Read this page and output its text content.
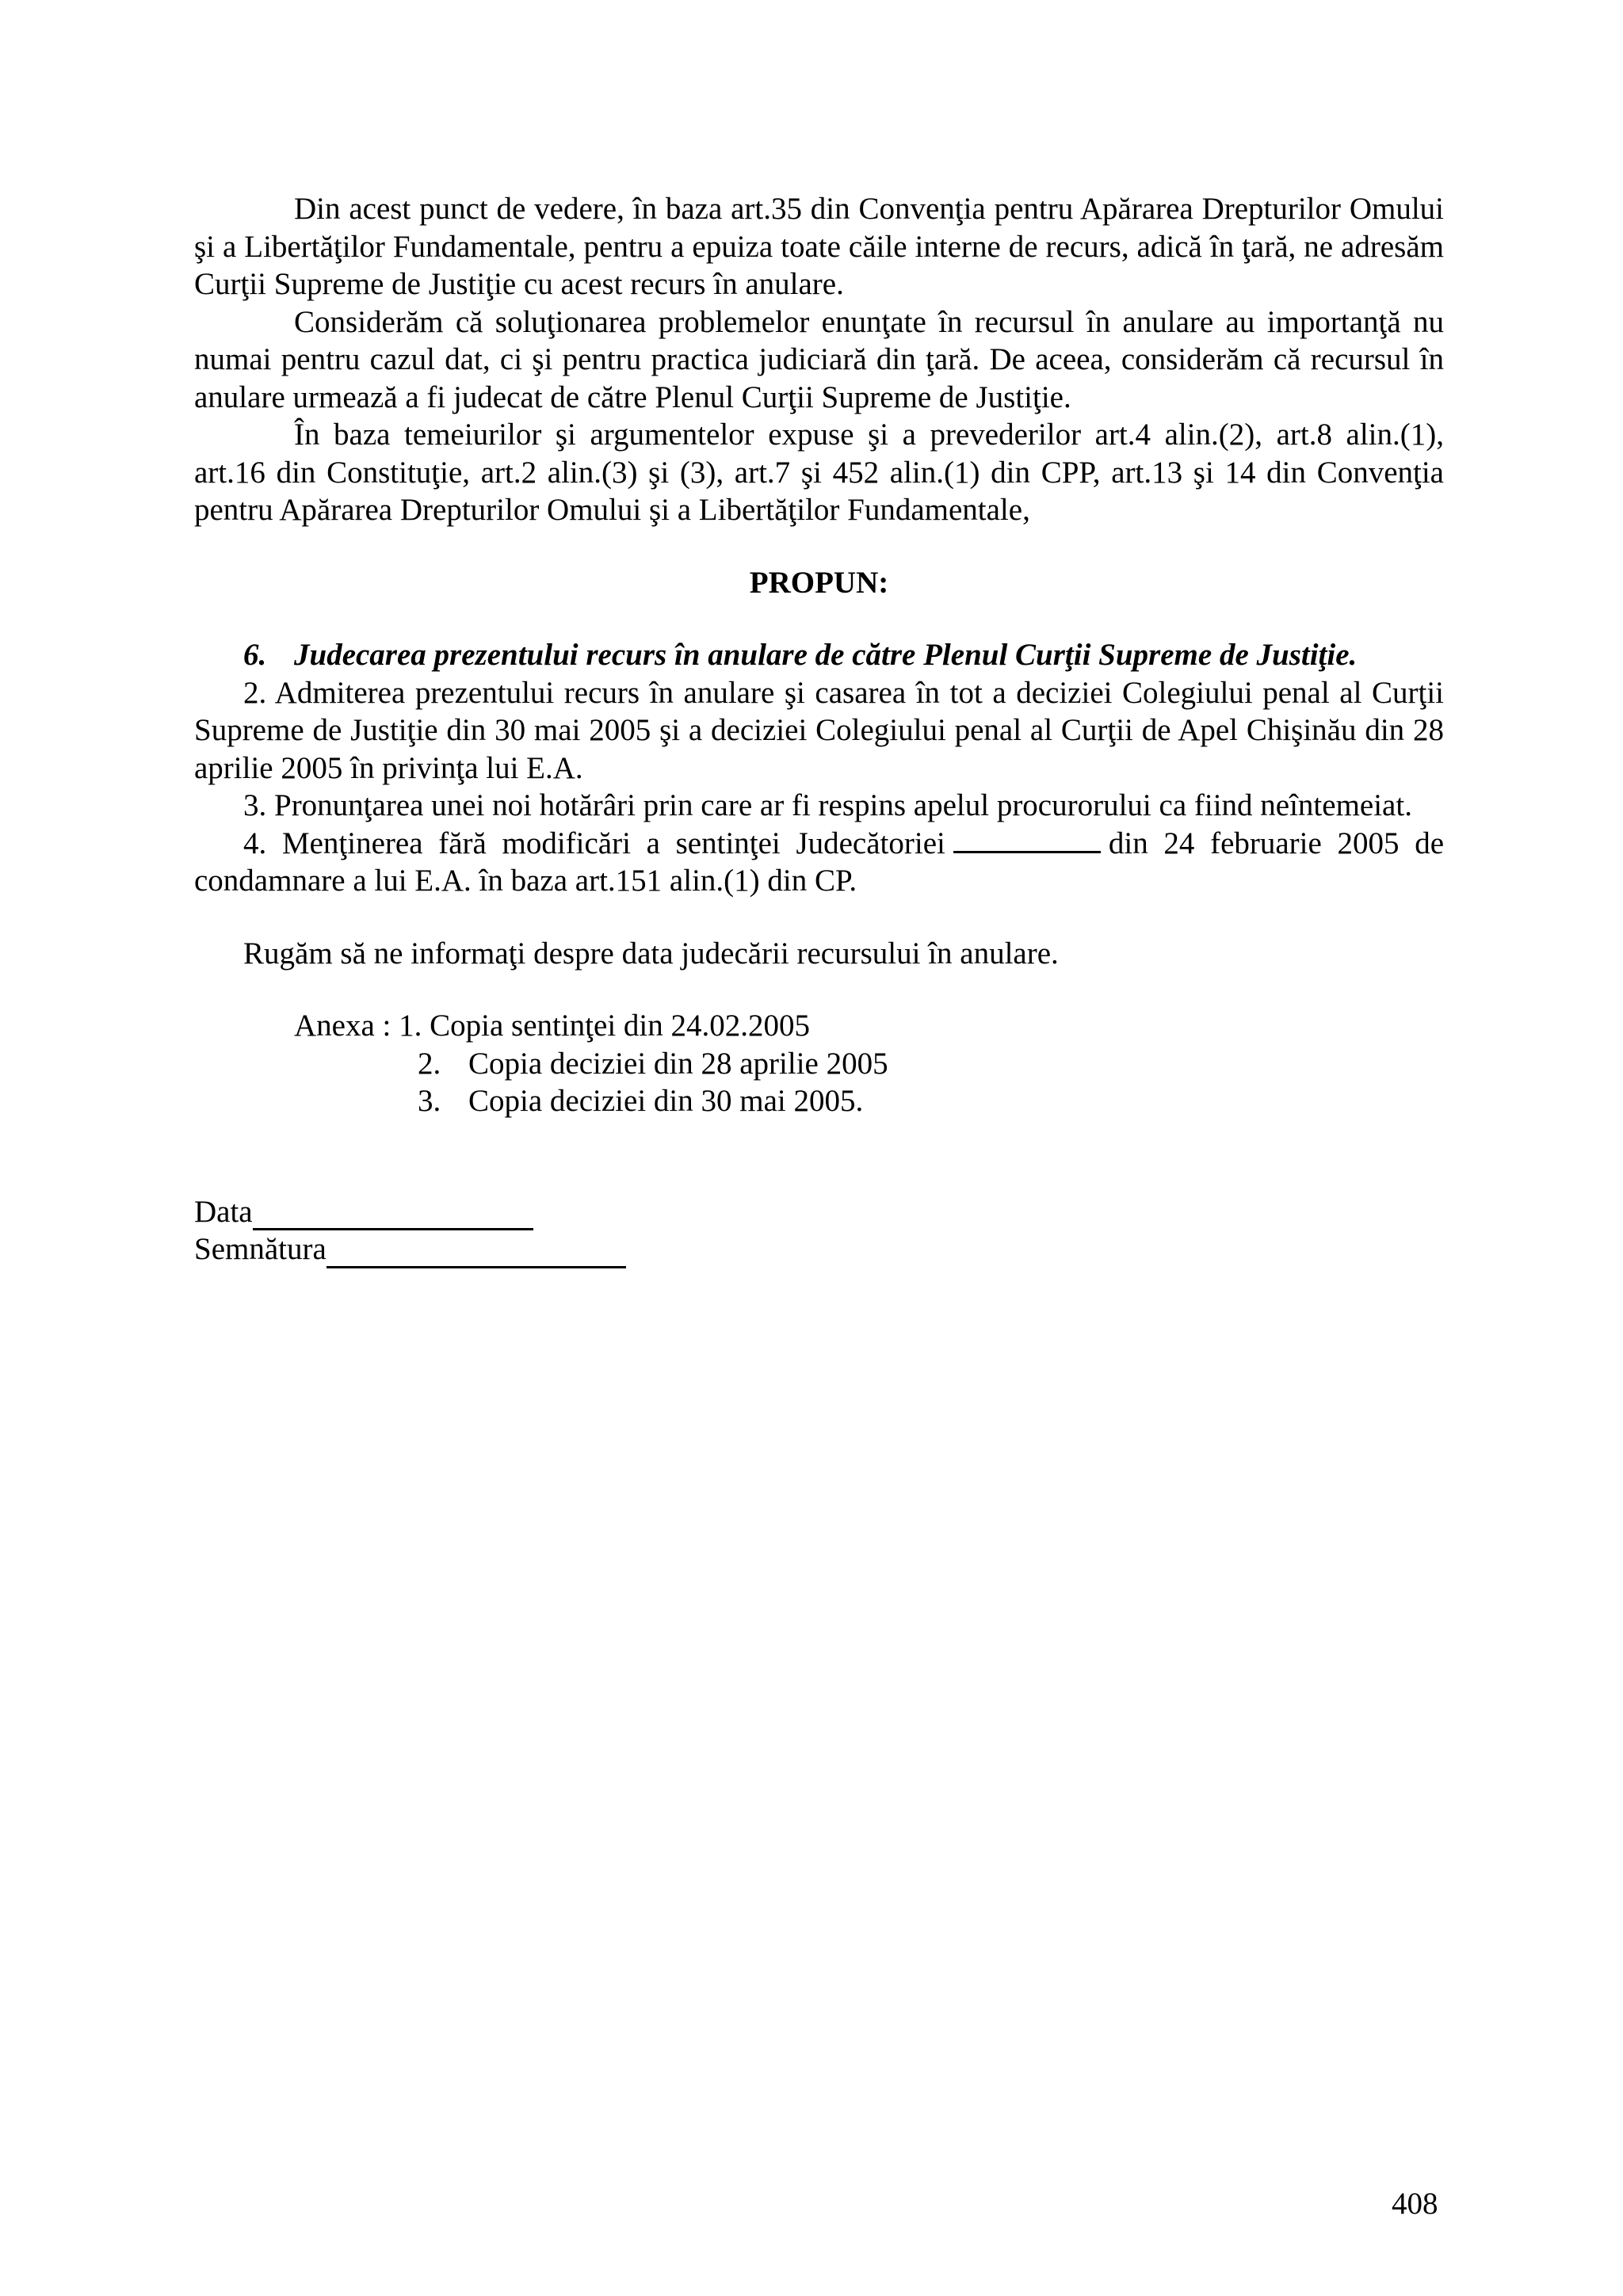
Din acest punct de vedere, în baza art.35 din Convenţia pentru Apărarea Drepturilor Omului şi a Libertăţilor Fundamentale, pentru a epuiza toate căile interne de recurs, adică în ţară, ne adresăm Curţii Supreme de Justiţie cu acest recurs în anulare.

Considerăm că soluţionarea problemelor enunţate în recursul în anulare au importanţă nu numai pentru cazul dat, ci şi pentru practica judiciară din ţară. De aceea, considerăm că recursul în anulare urmează a fi judecat de către Plenul Curţii Supreme de Justiţie.

În baza temeiurilor şi argumentelor expuse şi a prevederilor art.4 alin.(2), art.8 alin.(1), art.16 din Constituţie, art.2 alin.(3) şi (3), art.7 şi 452 alin.(1) din CPP, art.13 şi 14 din Convenţia pentru Apărarea Drepturilor Omului şi a Libertăţilor Fundamentale,

PROPUN:

6. Judecarea prezentului recurs în anulare de către Plenul Curţii Supreme de Justiţie.

2. Admiterea prezentului recurs în anulare şi casarea în tot a deciziei Colegiului penal al Curţii Supreme de Justiţie din 30 mai 2005 şi a deciziei Colegiului penal al Curţii de Apel Chişinău din 28 aprilie 2005 în privinţa lui E.A.

3. Pronunţarea unei noi hotărâri prin care ar fi respins apelul procurorului ca fiind neîntemeiat.

4. Menţinerea fără modificări a sentinţei Judecătoriei	din 24 februarie 2005 de condamnare a lui E.A. în baza art.151 alin.(1) din CP.

Rugăm să ne informaţi despre data judecării recursului în anulare.

Anexa : 1. Copia sentinţei din 24.02.2005
2. Copia deciziei din 28 aprilie 2005
3. Copia deciziei din 30 mai 2005.
Data
Semnătura
408
